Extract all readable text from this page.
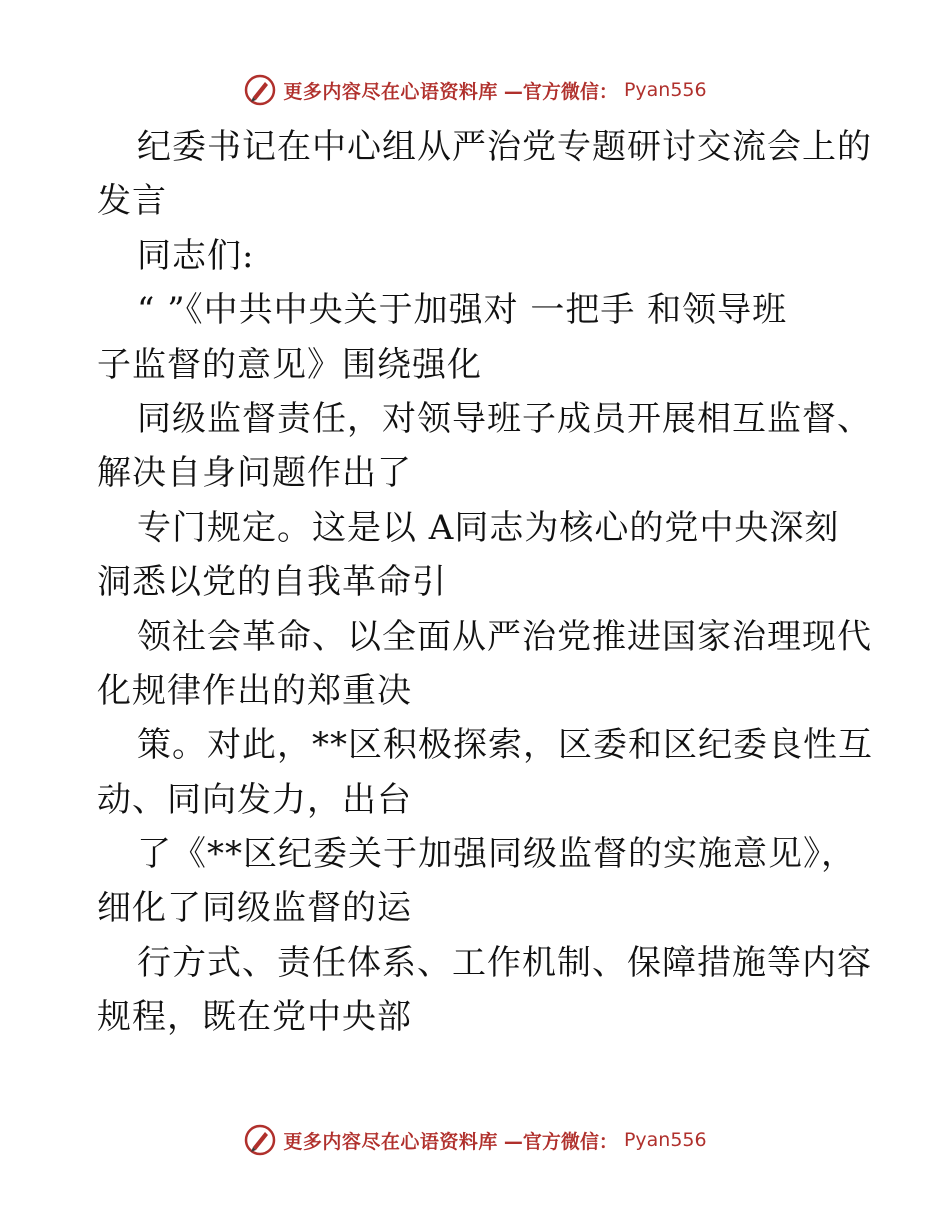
更多内容尽在心语资料库 —官方微信： Pyan556
纪委书记在中心组从严治党专题研讨交流会上的
发言
同志们:
“ ”《中共中央关于加强对 一把手 和领导班
子监督的意见》围绕强化
同级监督责任，对领导班子成员开展相互监督、
解决自身问题作出了
专门规定。这是以 A同志为核心的党中央深刻
洞悉以党的自我革命引
领社会革命、以全面从严治党推进国家治理现代
化规律作出的郑重决
策。对此，**区积极探索，区委和区纪委良性互
动、同向发力，出台
了《**区纪委关于加强同级监督的实施意见》，
细化了同级监督的运
行方式、责任体系、工作机制、保障措施等内容
规程，既在党中央部
更多内容尽在心语资料库 —官方微信： Pyan556
